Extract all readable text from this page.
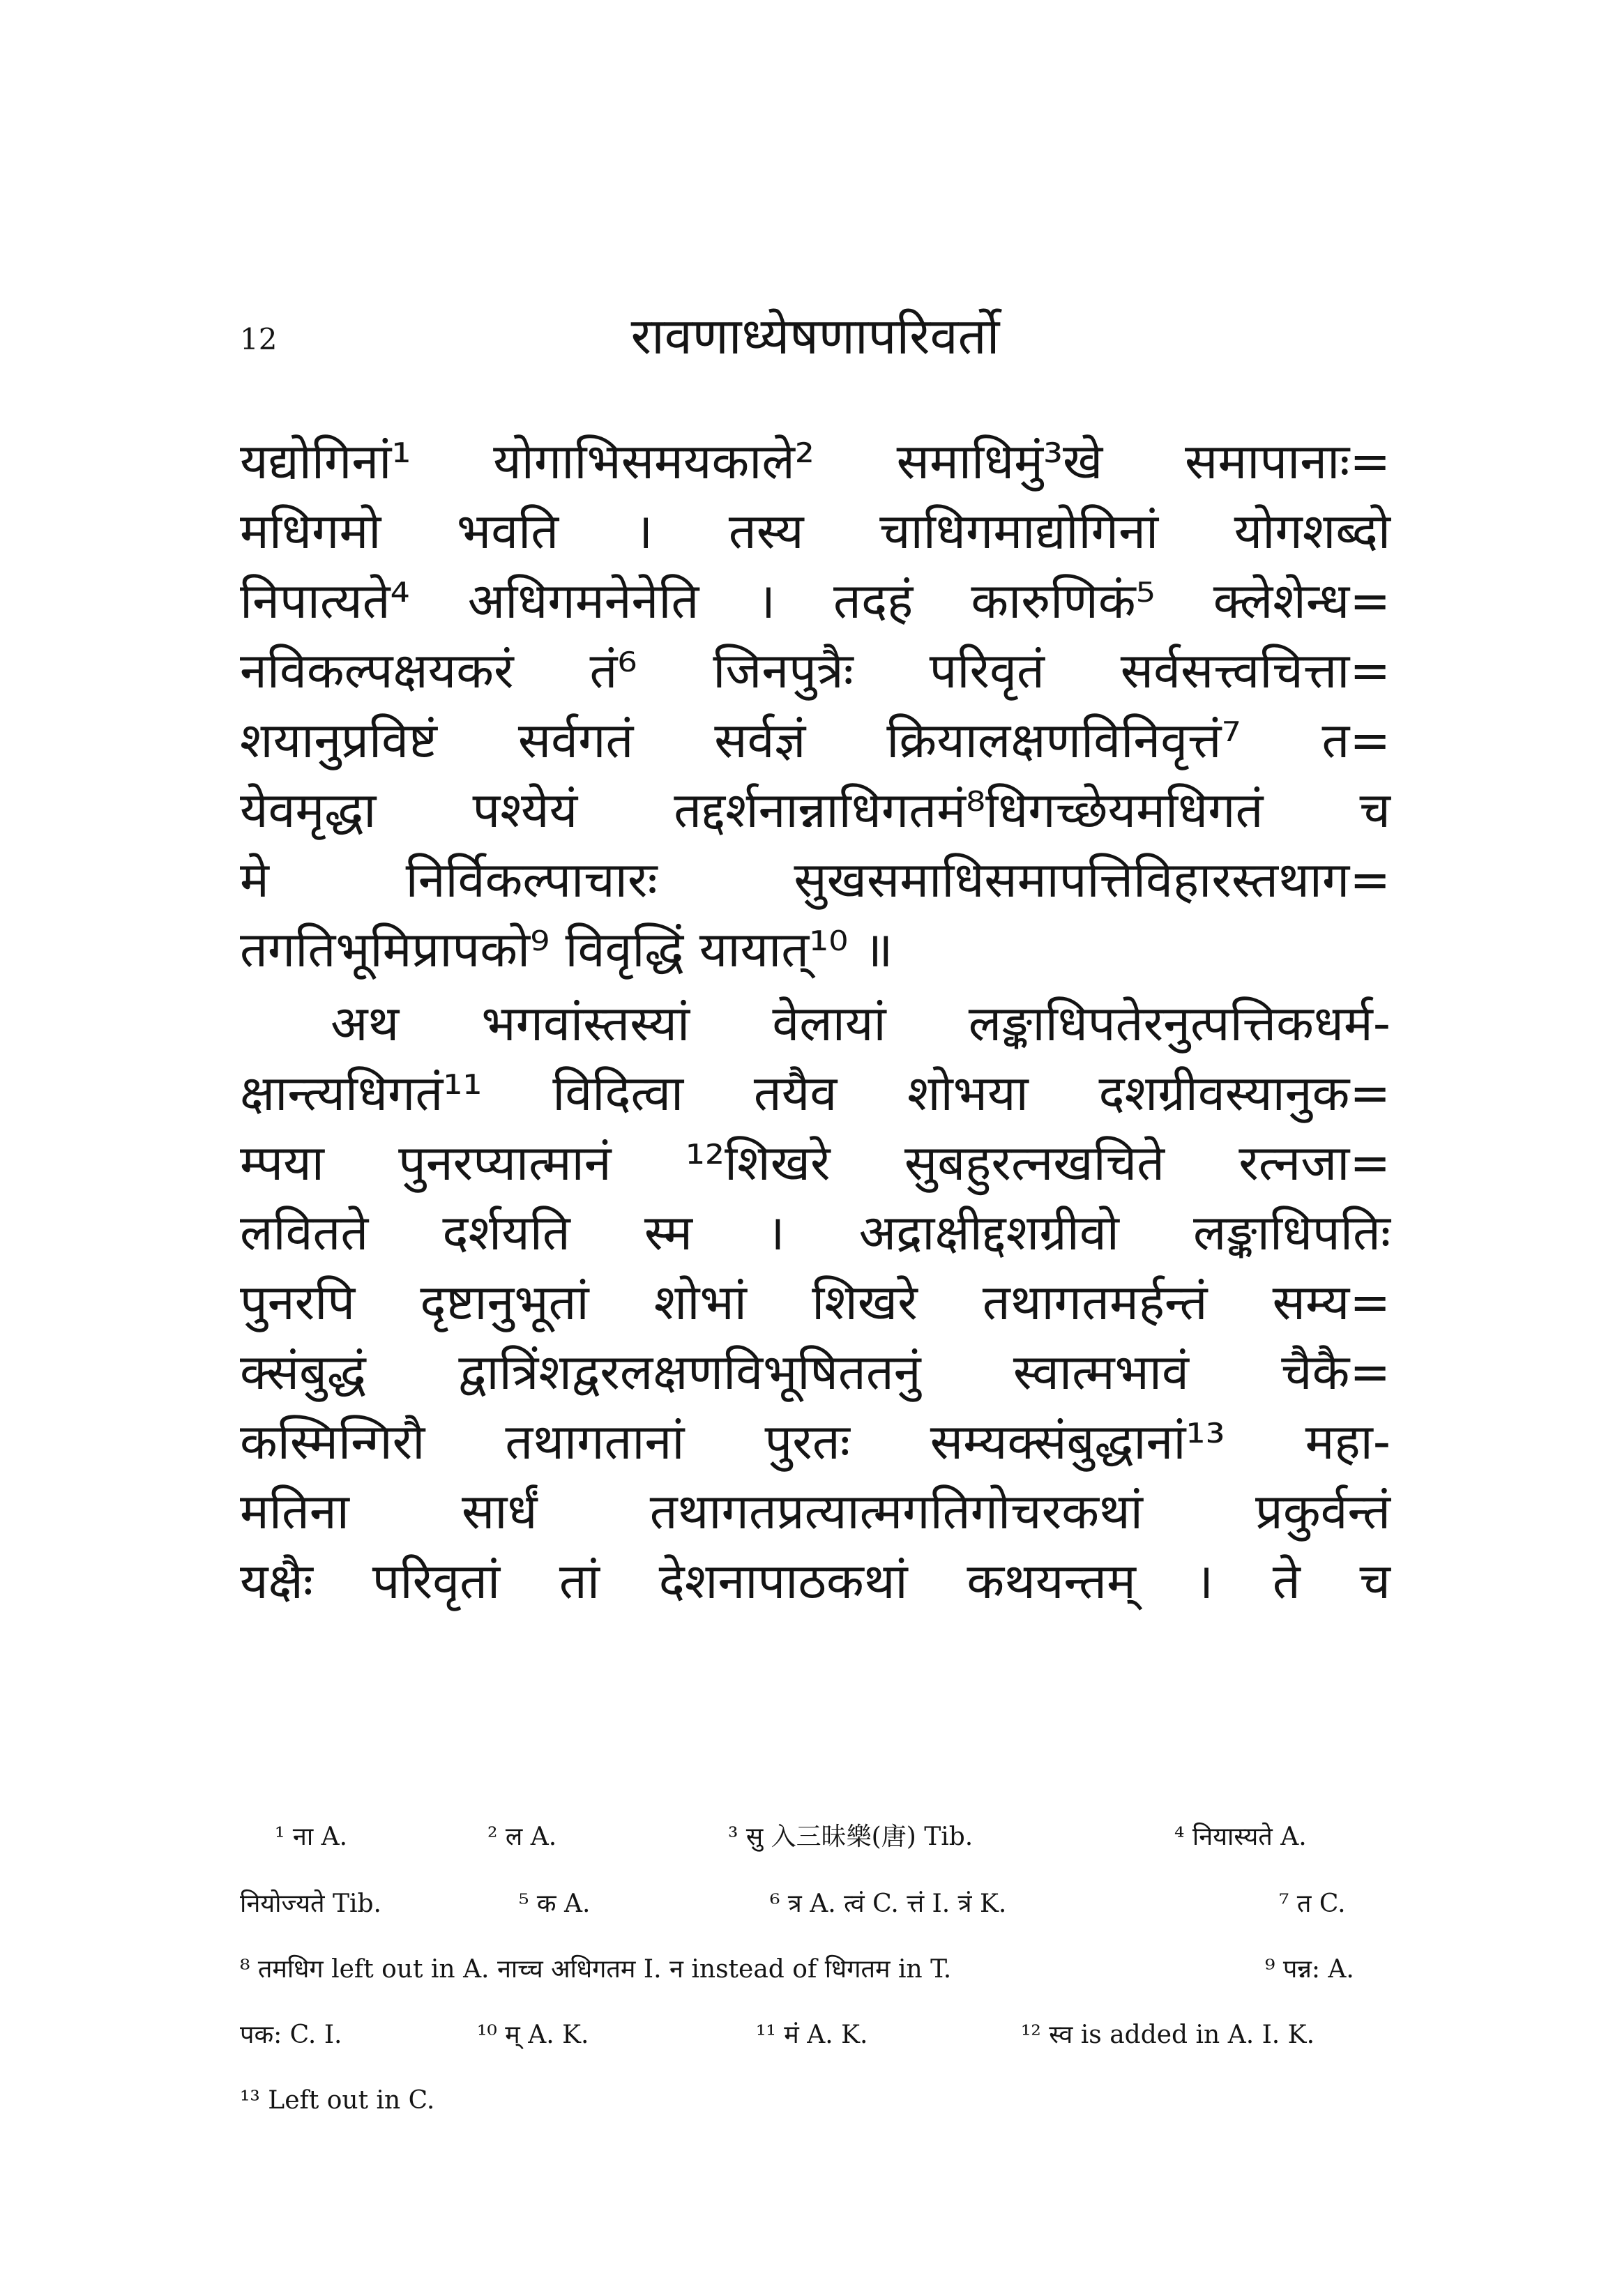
12	रावणाध्येषणापरिवर्तो
यद्योगिनां¹ योगाभिसमयकाले² समाधिमुं³खे समापानाः=
मधिगमो भवति । तस्य चाधिगमाद्योगिनां योगशब्दो
निपात्यते⁴ अधिगमनेनेति । तदहं कारुणिकं⁵ क्लेशेन्ध=
नविकल्पक्षयकरं तं⁶ जिनपुत्रैः परिवृतं सर्वसत्त्वचित्ता=
शयानुप्रविष्टं सर्वगतं सर्वज्ञं क्रियालक्षणविनिवृत्तं⁷ त=
येवमृद्धा पश्येयं तद्दर्शनान्नाधिगतमं⁸धिगच्छेयमधिगतं च
मे निर्विकल्पाचारः सुखसमाधिसमापत्तिविहारस्तथाग=
तगतिभूमिप्रापको⁹ विवृद्धिं यायात्¹⁰ ॥
अथ भगवांस्तस्यां वेलायां लङ्काधिपतेरनुत्पत्तिकधर्म-
क्षान्त्यधिगतं¹¹ विदित्वा तयैव शोभया दशग्रीवस्यानुक=
म्पया पुनरप्यात्मानं ¹²शिखरे सुबहुरत्नखचिते रत्नजा=
लवितते दर्शयति स्म । अद्राक्षीद्दशग्रीवो लङ्काधिपतिः
पुनरपि दृष्टानुभूतां शोभां शिखरे तथागतमर्हन्तं सम्य=
क्संबुद्धं द्वात्रिंशद्वरलक्षणविभूषिततनुं स्वात्मभावं चैकै=
कस्मिन्गिरौ तथागतानां पुरतः सम्यक्संबुद्धानां¹³ महा-
मतिना सार्धं तथागतप्रत्यात्मगतिगोचरकथां प्रकुर्वन्तं
यक्षैः परिवृतां तां देशनापाठकथां कथयन्तम् । ते च
¹ ना A.	² ल A.	³ सु 入三昧樂(唐) Tib.	⁴ नियास्यते A.
नियोज्यते Tib.	⁵ क A.	⁶ त्र A. त्वं C. त्तं I. त्रं K.	⁷ त C.
⁸ तमधिग left out in A. नाच्च अधिगतम I. न instead of धिगतम in T.	⁹ पन्न: A.
पक: C. I.	¹⁰ म् A. K.	¹¹ मं A. K.	¹² स्व is added in A. I. K.
¹³ Left out in C.
